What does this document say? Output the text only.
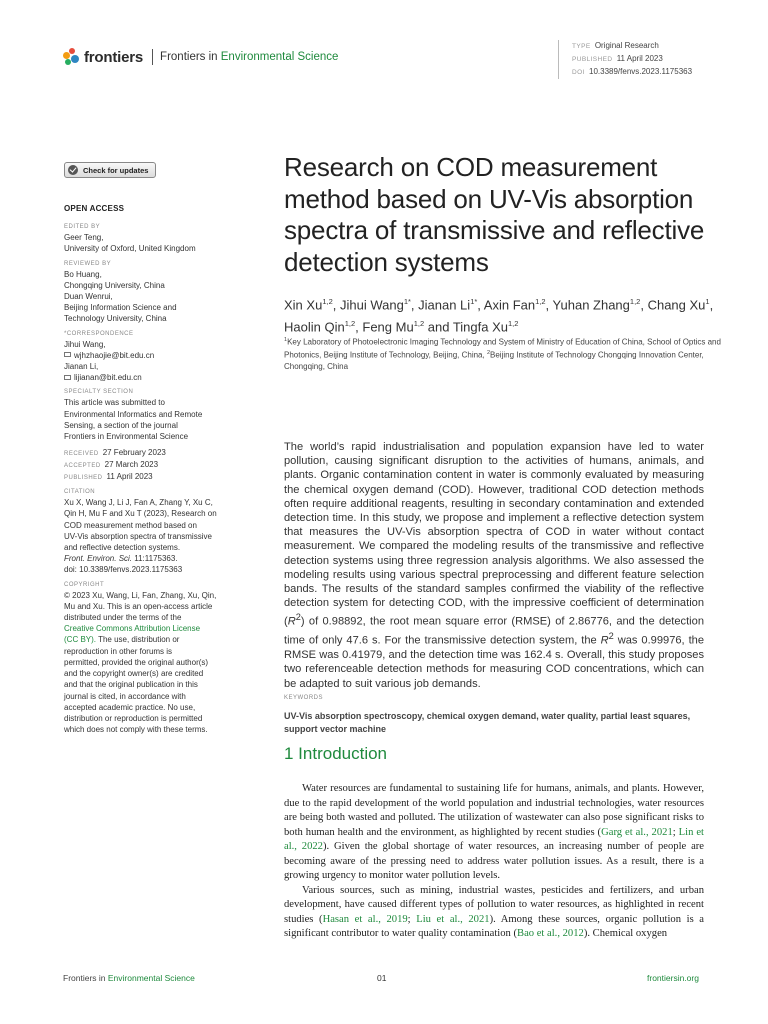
frontiers Frontiers in Environmental Science
TYPE Original Research
PUBLISHED 11 April 2023
DOI 10.3389/fenvs.2023.1175363
Check for updates
OPEN ACCESS
EDITED BY
Geer Teng,
University of Oxford, United Kingdom
REVIEWED BY
Bo Huang,
Chongqing University, China
Duan Wenrui,
Beijing Information Science and
Technology University, China
*CORRESPONDENCE
Jihui Wang,
wjhzhaojie@bit.edu.cn
Jianan Li,
lijianan@bit.edu.cn
SPECIALTY SECTION
This article was submitted to
Environmental Informatics and Remote
Sensing, a section of the journal
Frontiers in Environmental Science
RECEIVED 27 February 2023
ACCEPTED 27 March 2023
PUBLISHED 11 April 2023
CITATION
Xu X, Wang J, Li J, Fan A, Zhang Y, Xu C,
Qin H, Mu F and Xu T (2023), Research on
COD measurement method based on
UV-Vis absorption spectra of transmissive
and reflective detection systems.
Front. Environ. Sci. 11:1175363.
doi: 10.3389/fenvs.2023.1175363
COPYRIGHT
© 2023 Xu, Wang, Li, Fan, Zhang, Xu, Qin,
Mu and Xu. This is an open-access article
distributed under the terms of the
Creative Commons Attribution License
(CC BY). The use, distribution or
reproduction in other forums is
permitted, provided the original author(s)
and the copyright owner(s) are credited
and that the original publication in this
journal is cited, in accordance with
accepted academic practice. No use,
distribution or reproduction is permitted
which does not comply with these terms.
Research on COD measurement method based on UV-Vis absorption spectra of transmissive and reflective detection systems
Xin Xu$^{1,2}$, Jihui Wang$^{1*}$, Jianan $Li^{1*}$, Axin Fan$^{1,2}$, Yuhan Zhang$^{1,2}$, Chang Xu$^1$, Haolin Qin$^{1,2}$, Feng Mu$^{1,2}$ and Tingfa Xu$^{1,2}$
$^1$Key Laboratory of Photoelectronic Imaging Technology and System of Ministry of Education of China, School of Optics and Photonics, Beijing Institute of Technology, Beijing, China, $^2$Beijing Institute of Technology Chongqing Innovation Center, Chongqing, China
The world’s rapid industrialisation and population expansion have led to water pollution, causing significant disruption to the activities of humans, animals, and plants. Organic contamination content in water is commonly evaluated by measuring the chemical oxygen demand (COD). However, traditional COD detection methods often require additional reagents, resulting in secondary contamination and extended detection time. In this study, we propose and implement a reflective detection system that measures the UV-Vis absorption spectra of COD in water without contact measurement. We compared the modeling results of the transmissive and reflective detection systems using three regression analysis algorithms. We also assessed the modeling results using various spectral preprocessing and different feature selection bands. The results of the standard samples confirmed the viability of the reflective detection system for detecting COD, with the impressive coefficient of determination $(R^2)$ of 0.98892, the root mean square error (RMSE) of 2.86776, and the detection time of only 47.6 s. For the transmissive detection system, the $R^2$ was 0.99976, the RMSE was 0.41979, and the detection time was 162.4 s. Overall, this study proposes two referenceable detection methods for measuring COD concentrations, which can be adapted to suit various job demands.
KEYWORDS
UV-Vis absorption spectroscopy, chemical oxygen demand, water quality, partial least squares, support vector machine
1 Introduction

Water resources are fundamental to sustaining life for humans, animals, and plants. However, due to the rapid development of the world population and industrial technologies, water resources are being both wasted and polluted. The utilization of wastewater can also pose significant risks to both human health and the environment, as highlighted by recent studies (Garg et al., 2021; Lin et al., 2022). Given the global shortage of water resources, an increasing number of people are becoming aware of the pressing need to address water pollution issues. As a result, there is a growing urgency to monitor water pollution levels.

Various sources, such as mining, industrial wastes, pesticides and fertilizers, and urban development, have caused different types of pollution to water resources, as highlighted in recent studies (Hasan et al., 2019; Liu et al., 2021). Among these sources, organic pollution is a significant contributor to water quality contamination (Bao et al., 2012). Chemical oxygen

Frontiers in Environmental Science	01	frontiersin.org
